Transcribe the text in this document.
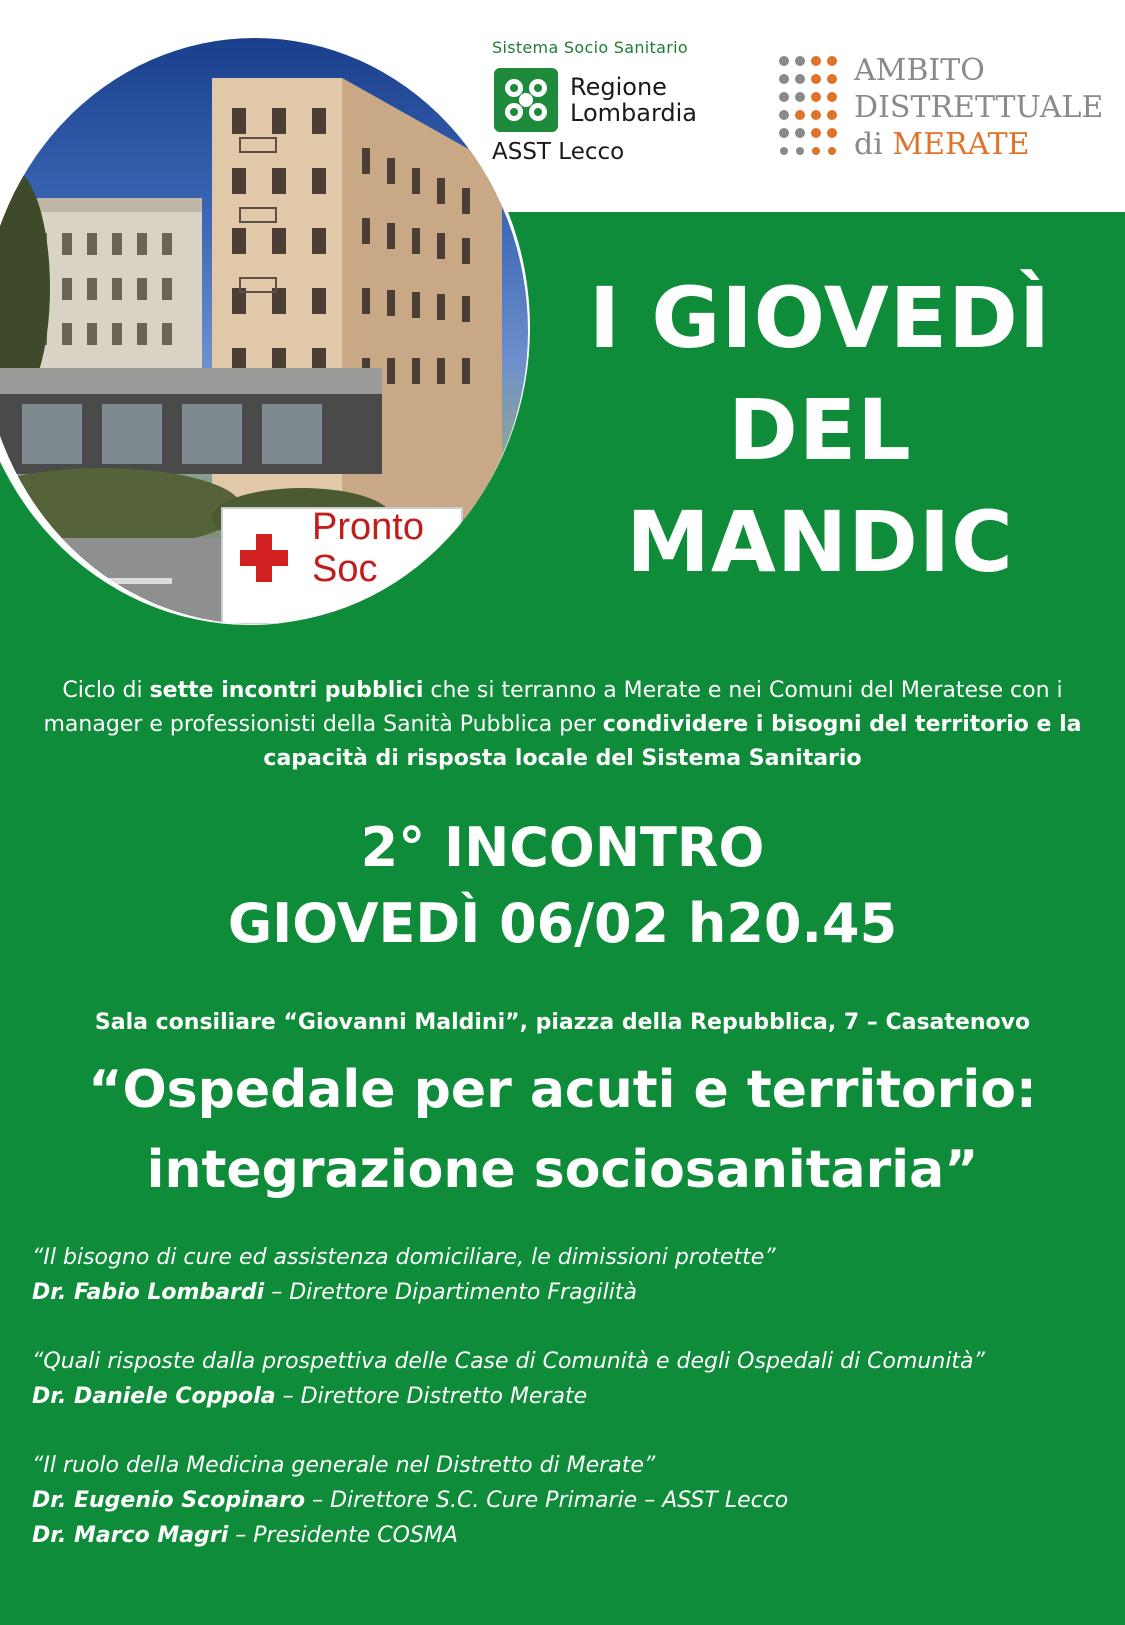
Pronto
Soc
Sistema Socio Sanitario
Regione
Lombardia
ASST Lecco
AMBITO
DISTRETTUALE
di MERATE
I GIOVEDÌ
DEL
MANDIC
Ciclo di sette incontri pubblici che si terranno a Merate e nei Comuni del Meratese con i manager e professionisti della Sanità Pubblica per condividere i bisogni del territorio e la capacità di risposta locale del Sistema Sanitario
2° INCONTRO
GIOVEDÌ 06/02 h20.45
Sala consiliare “Giovanni Maldini”, piazza della Repubblica, 7 – Casatenovo
“Ospedale per acuti e territorio:
integrazione sociosanitaria”
“Il bisogno di cure ed assistenza domiciliare, le dimissioni protette”
Dr. Fabio Lombardi – Direttore Dipartimento Fragilità
“Quali risposte dalla prospettiva delle Case di Comunità e degli Ospedali di Comunità”
Dr. Daniele Coppola – Direttore Distretto Merate
“Il ruolo della Medicina generale nel Distretto di Merate”
Dr. Eugenio Scopinaro – Direttore S.C. Cure Primarie – ASST Lecco
Dr. Marco Magri – Presidente COSMA
